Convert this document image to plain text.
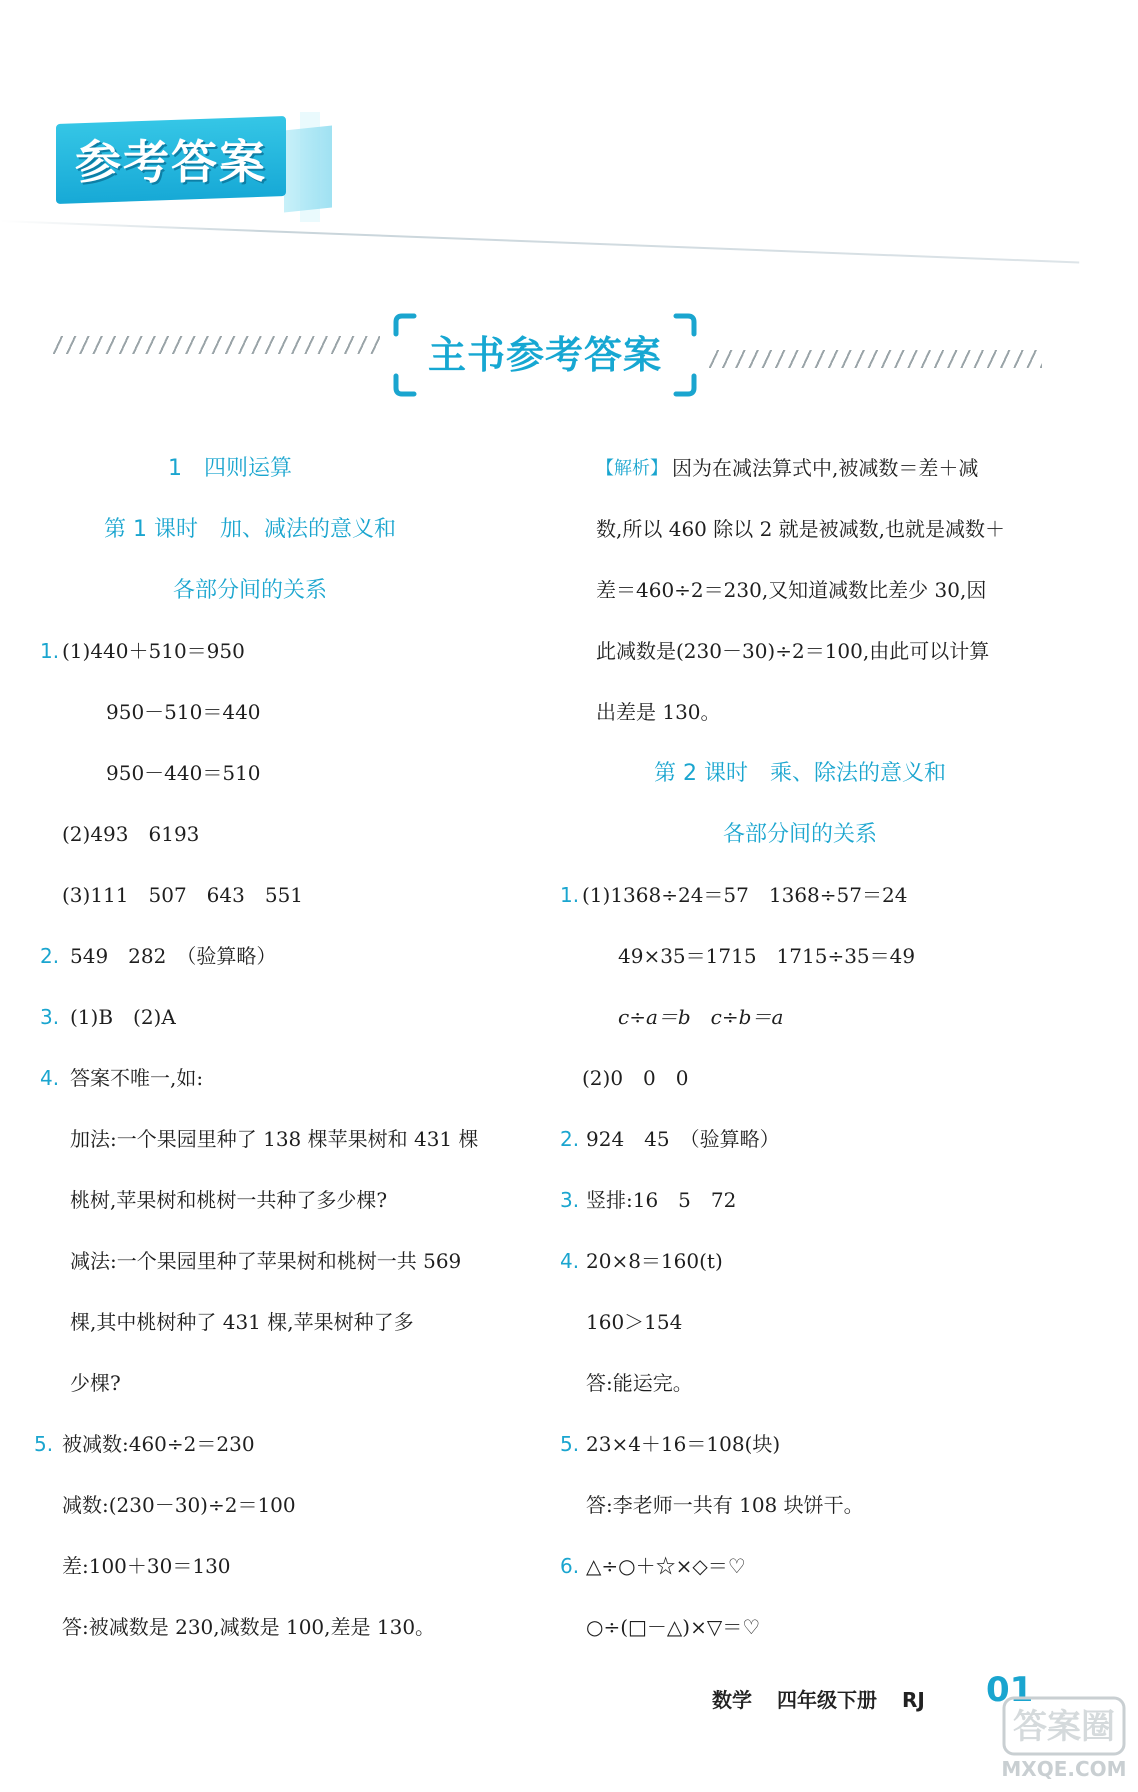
参考答案
主书参考答案
1　四则运算
第 1 课时　加、减法的意义和
各部分间的关系
1. (1)440＋510＝950
950－510＝440
950－440＝510
(2)493　6193
(3)111　507　643　551
2. 549　282　（验算略）
3. (1)B　(2)A
4. 答案不唯一,如:
加法:一个果园里种了 138 棵苹果树和 431 棵
桃树,苹果树和桃树一共种了多少棵?
减法:一个果园里种了苹果树和桃树一共 569
棵,其中桃树种了 431 棵,苹果树种了多
少棵?
5. 被减数:460÷2＝230
减数:(230－30)÷2＝100
差:100＋30＝130
答:被减数是 230,减数是 100,差是 130。
【解析】 因为在减法算式中,被减数＝差＋减
数,所以 460 除以 2 就是被减数,也就是减数＋
差＝460÷2＝230,又知道减数比差少 30,因
此减数是(230－30)÷2＝100,由此可以计算
出差是 130。
第 2 课时　乘、除法的意义和
各部分间的关系
1. (1)1368÷24＝57　1368÷57＝24
49×35＝1715　1715÷35＝49
c÷a＝b　c÷b＝a
(2)0　0　0
2. 924　45　（验算略）
3. 竖排:16　5　72
4. 20×8＝160(t)
160＞154
答:能运完。
5. 23×4＋16＝108(块)
答:李老师一共有 108 块饼干。
6. △÷○＋☆×◇＝♡
○÷(□－△)×▽＝♡
数学 四年级下册 RJ	01
答案圈
MXQE.COM
